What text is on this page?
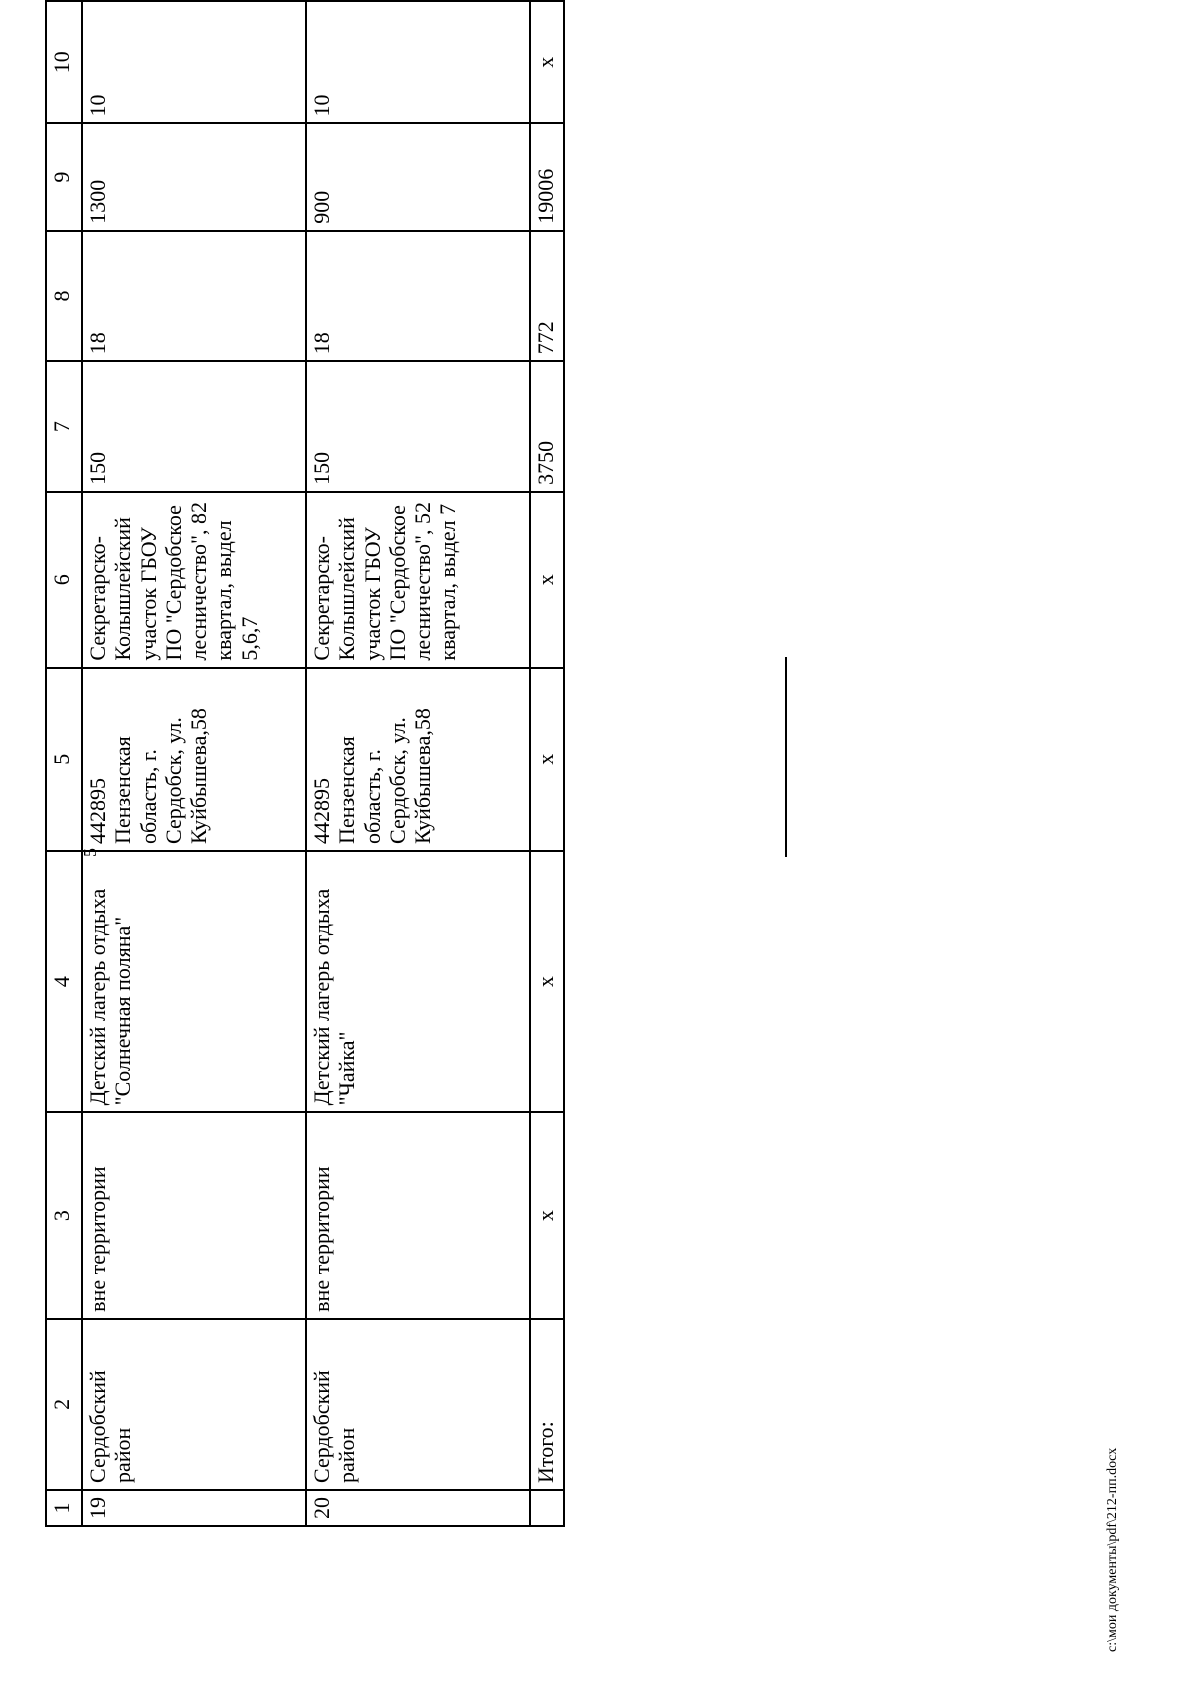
5
1	2	3	4	5	6	7	8	9	10
19	Сердобский район	вне территории	Детский лагерь отдыха "Солнечная поляна"	442895 Пензенская область, г. Сердобск, ул. Куйбышева,58	Секретарско-Колышлейский участок ГБОУ ПО "Сердобское лесничество", 82 квартал, выдел 5,6,7	150	18	1300	10
20	Сердобский район	вне территории	Детский лагерь отдыха "Чайка"	442895 Пензенская область, г. Сердобск, ул. Куйбышева,58	Секретарско-Колышлейский участок ГБОУ ПО "Сердобское лесничество", 52 квартал, выдел 7	150	18	900	10
	Итого:	х	х	х	х	3750	772	19006	х
c:\мои документы\pdf\212-пп.docx
